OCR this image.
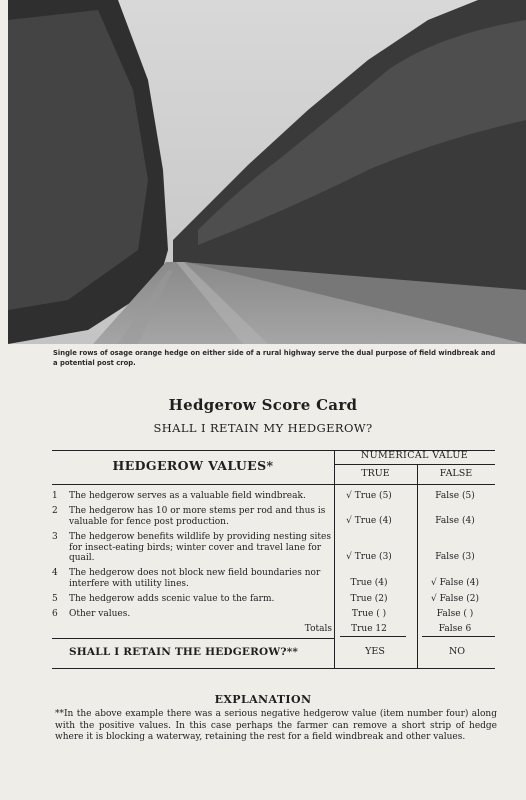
Single rows of osage orange hedge on either side of a rural highway serve the dual purpose of field windbreak and a potential post crop.
Hedgerow Score Card
SHALL I RETAIN MY HEDGEROW?
HEDGEROW VALUES*
NUMERICAL VALUE
TRUE	FALSE
1 The hedgerow serves as a valuable field windbreak.	√ True (5)	False (5)
2 The hedgerow has 10 or more stems per rod and thus is valuable for fence post production.	√ True (4)	False (4)
3 The hedgerow benefits wildlife by providing nesting sites for insect-eating birds; winter cover and travel lane for quail.	√ True (3)	False (3)
4 The hedgerow does not block new field boundaries nor interfere with utility lines.	True (4)	√ False (4)
5 The hedgerow adds scenic value to the farm.	True (2)	√ False (2)
6 Other values.	True ( )	False ( )
Totals	True 12	False 6
SHALL I RETAIN THE HEDGEROW?**	YES	NO
EXPLANATION
**In the above example there was a serious negative hedgerow value (item number four) along with the positive values. In this case perhaps the farmer can remove a short strip of hedge where it is blocking a waterway, retaining the rest for a field windbreak and other values.
